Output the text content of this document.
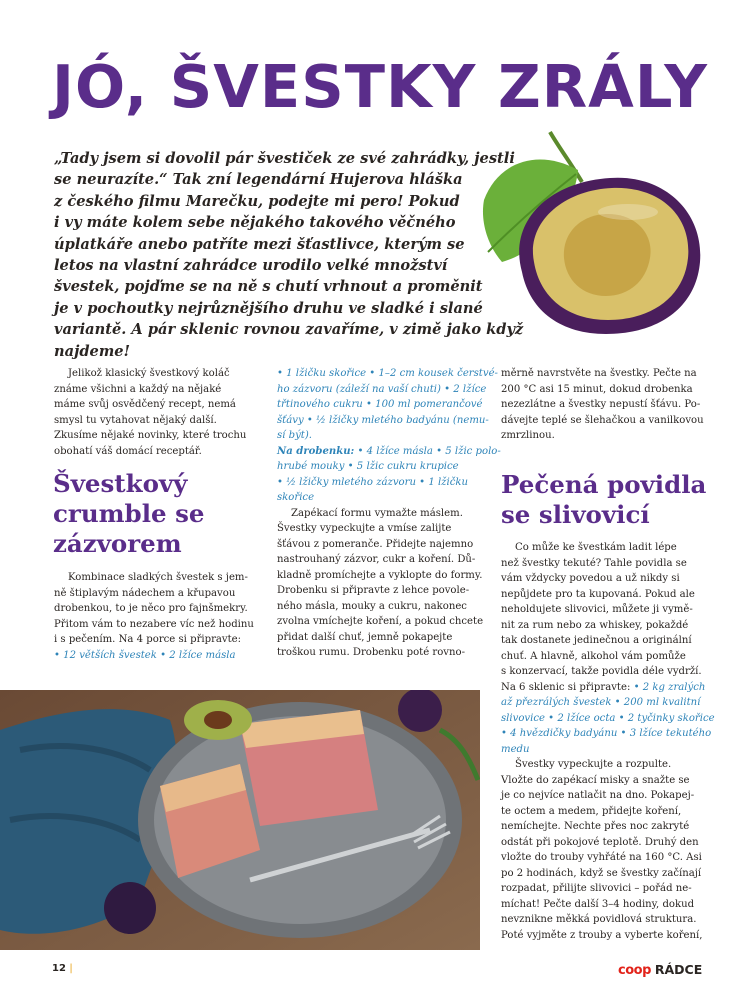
JÓ, ŠVESTKY ZRÁLY
„Tady jsem si dovolil pár švestiček ze své zahrádky, jestli
se neurazíte.“ Tak zní legendární Hujerova hláška
z českého filmu Marečku, podejte mi pero! Pokud
i vy máte kolem sebe nějakého takového věčného
úplatkáře anebo patříte mezi šťastlivce, kterým se
letos na vlastní zahrádce urodilo velké množství
švestek, pojďme se na ně s chutí vrhnout a proměnit
je v pochoutky nejrůznějšího druhu ve sladké i slané
variantě. A pár sklenic rovnou zavaříme, v zimě jako když
najdeme!
Jelikož klasický švestkový koláč
známe všichni a každý na nějaké
máme svůj osvědčený recept, nemá
smysl tu vytahovat nějaký další.
Zkusíme nějaké novinky, které trochu
obohatí váš domácí receptář.
Švestkový
crumble se
zázvorem
Kombinace sladkých švestek s jem-
ně štiplavým nádechem a křupavou
drobenkou, to je něco pro fajnšmekry.
Přitom vám to nezabere víc než hodinu
i s pečením. Na 4 porce si připravte:
• 12 větších švestek • 2 lžíce másla
• 1 lžičku skořice • 1–2 cm kousek čerstvé-
ho zázvoru (záleží na vaší chuti) • 2 lžíce
třtinového cukru • 100 ml pomerančové
šťávy • ½ lžičky mletého badyánu (nemu-
sí být).
Na drobenku: • 4 lžíce másla • 5 lžic polo-
hrubé mouky • 5 lžic cukru krupice
• ½ lžičky mletého zázvoru • 1 lžičku
skořice
Zapékací formu vymažte máslem.
Švestky vypeckujte a vmíse zalijte
šťávou z pomeranče. Přidejte najemno
nastrouhaný zázvor, cukr a koření. Dů-
kladně promíchejte a vyklopte do formy.
Drobenku si připravte z lehce povole-
ného másla, mouky a cukru, nakonec
zvolna vmíchejte koření, a pokud chcete
přidat další chuť, jemně pokapejte
troškou rumu. Drobenku poté rovno-
měrně navrstvěte na švestky. Pečte na
200 °C asi 15 minut, dokud drobenka
nezezlátne a švestky nepustí šťávu. Po-
dávejte teplé se šlehačkou a vanilkovou
zmrzlinou.
Pečená povidla
se slivovicí
Co může ke švestkám ladit lépe
než švestky tekuté? Tahle povidla se
vám vždycky povedou a už nikdy si
nepůjdete pro ta kupovaná. Pokud ale
neholdujete slivovici, můžete ji vymě-
nit za rum nebo za whiskey, pokaždé
tak dostanete jedinečnou a originální
chuť. A hlavně, alkohol vám pomůže
s konzervací, takže povidla déle vydrží.
Na 6 sklenic si připravte: • 2 kg zralých
až přezrálých švestek • 200 ml kvalitní
slivovice • 2 lžíce octa • 2 tyčinky skořice
• 4 hvězdičky badyánu • 3 lžíce tekutého
medu
Švestky vypeckujte a rozpulte.
Vložte do zapékací misky a snažte se
je co nejvíce natlačit na dno. Pokapej-
te octem a medem, přidejte koření,
nemíchejte. Nechte přes noc zakryté
odstát při pokojové teplotě. Druhý den
vložte do trouby vyhřáté na 160 °C. Asi
po 2 hodinách, když se švestky začínají
rozpadat, přilijte slivovici – pořád ne-
míchat! Pečte další 3–4 hodiny, dokud
nevznikne měkká povidlová struktura.
Poté vyjměte z trouby a vyberte koření,
12 |	coop RÁDCE
